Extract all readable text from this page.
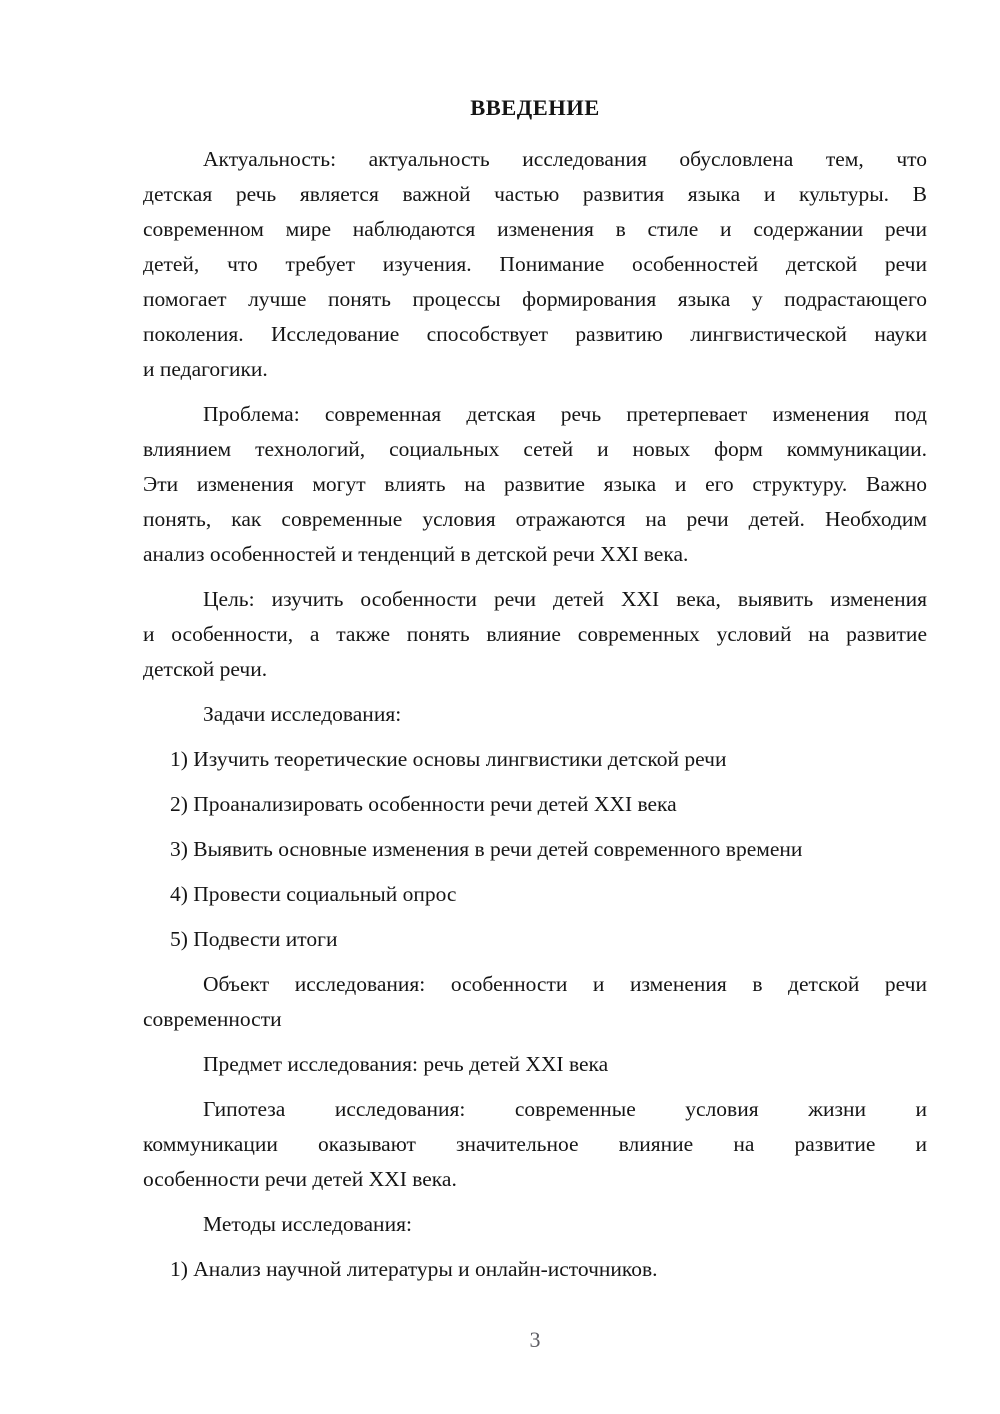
ВВЕДЕНИЕ
Актуальность: актуальность исследования обусловлена тем, что
детская речь является важной частью развития языка и культуры. В
современном мире наблюдаются изменения в стиле и содержании речи
детей, что требует изучения. Понимание особенностей детской речи
помогает лучше понять процессы формирования языка у подрастающего
поколения. Исследование способствует развитию лингвистической науки
и педагогики.
Проблема: современная детская речь претерпевает изменения под
влиянием технологий, социальных сетей и новых форм коммуникации.
Эти изменения могут влиять на развитие языка и его структуру. Важно
понять, как современные условия отражаются на речи детей. Необходим
анализ особенностей и тенденций в детской речи XXI века.
Цель: изучить особенности речи детей XXI века, выявить изменения
и особенности, а также понять влияние современных условий на развитие
детской речи.
Задачи исследования:
1) Изучить теоретические основы лингвистики детской речи
2) Проанализировать особенности речи детей XXI века
3) Выявить основные изменения в речи детей современного времени
4) Провести социальный опрос
5) Подвести итоги
Объект исследования: особенности и изменения в детской речи
современности
Предмет исследования: речь детей XXI века
Гипотеза исследования: современные условия жизни и
коммуникации оказывают значительное влияние на развитие и
особенности речи детей XXI века.
Методы исследования:
1) Анализ научной литературы и онлайн-источников.
3
